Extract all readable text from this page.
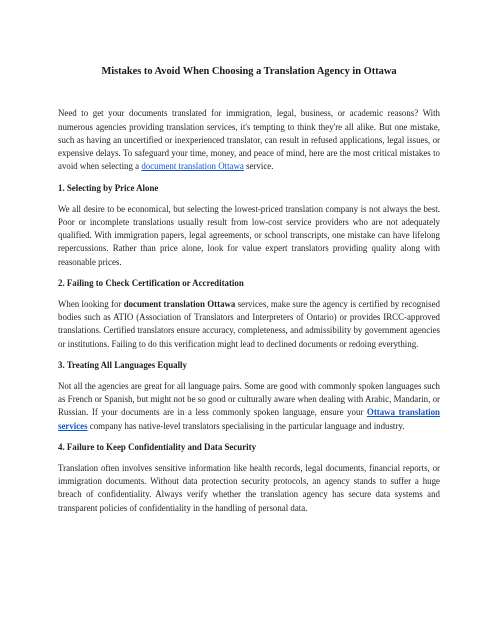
Mistakes to Avoid When Choosing a Translation Agency in Ottawa

Need to get your documents translated for immigration, legal, business, or academic reasons? With numerous agencies providing translation services, it's tempting to think they're all alike. But one mistake, such as having an uncertified or inexperienced translator, can result in refused applications, legal issues, or expensive delays. To safeguard your time, money, and peace of mind, here are the most critical mistakes to avoid when selecting a document translation Ottawa service.

1. Selecting by Price Alone

We all desire to be economical, but selecting the lowest-priced translation company is not always the best. Poor or incomplete translations usually result from low-cost service providers who are not adequately qualified. With immigration papers, legal agreements, or school transcripts, one mistake can have lifelong repercussions. Rather than price alone, look for value expert translators providing quality along with reasonable prices.

2. Failing to Check Certification or Accreditation

When looking for document translation Ottawa services, make sure the agency is certified by recognised bodies such as ATIO (Association of Translators and Interpreters of Ontario) or provides IRCC-approved translations. Certified translators ensure accuracy, completeness, and admissibility by government agencies or institutions. Failing to do this verification might lead to declined documents or redoing everything.

3. Treating All Languages Equally

Not all the agencies are great for all language pairs. Some are good with commonly spoken languages such as French or Spanish, but might not be so good or culturally aware when dealing with Arabic, Mandarin, or Russian. If your documents are in a less commonly spoken language, ensure your Ottawa translation services company has native-level translators specialising in the particular language and industry.

4. Failure to Keep Confidentiality and Data Security

Translation often involves sensitive information like health records, legal documents, financial reports, or immigration documents. Without data protection security protocols, an agency stands to suffer a huge breach of confidentiality. Always verify whether the translation agency has secure data systems and transparent policies of confidentiality in the handling of personal data.
